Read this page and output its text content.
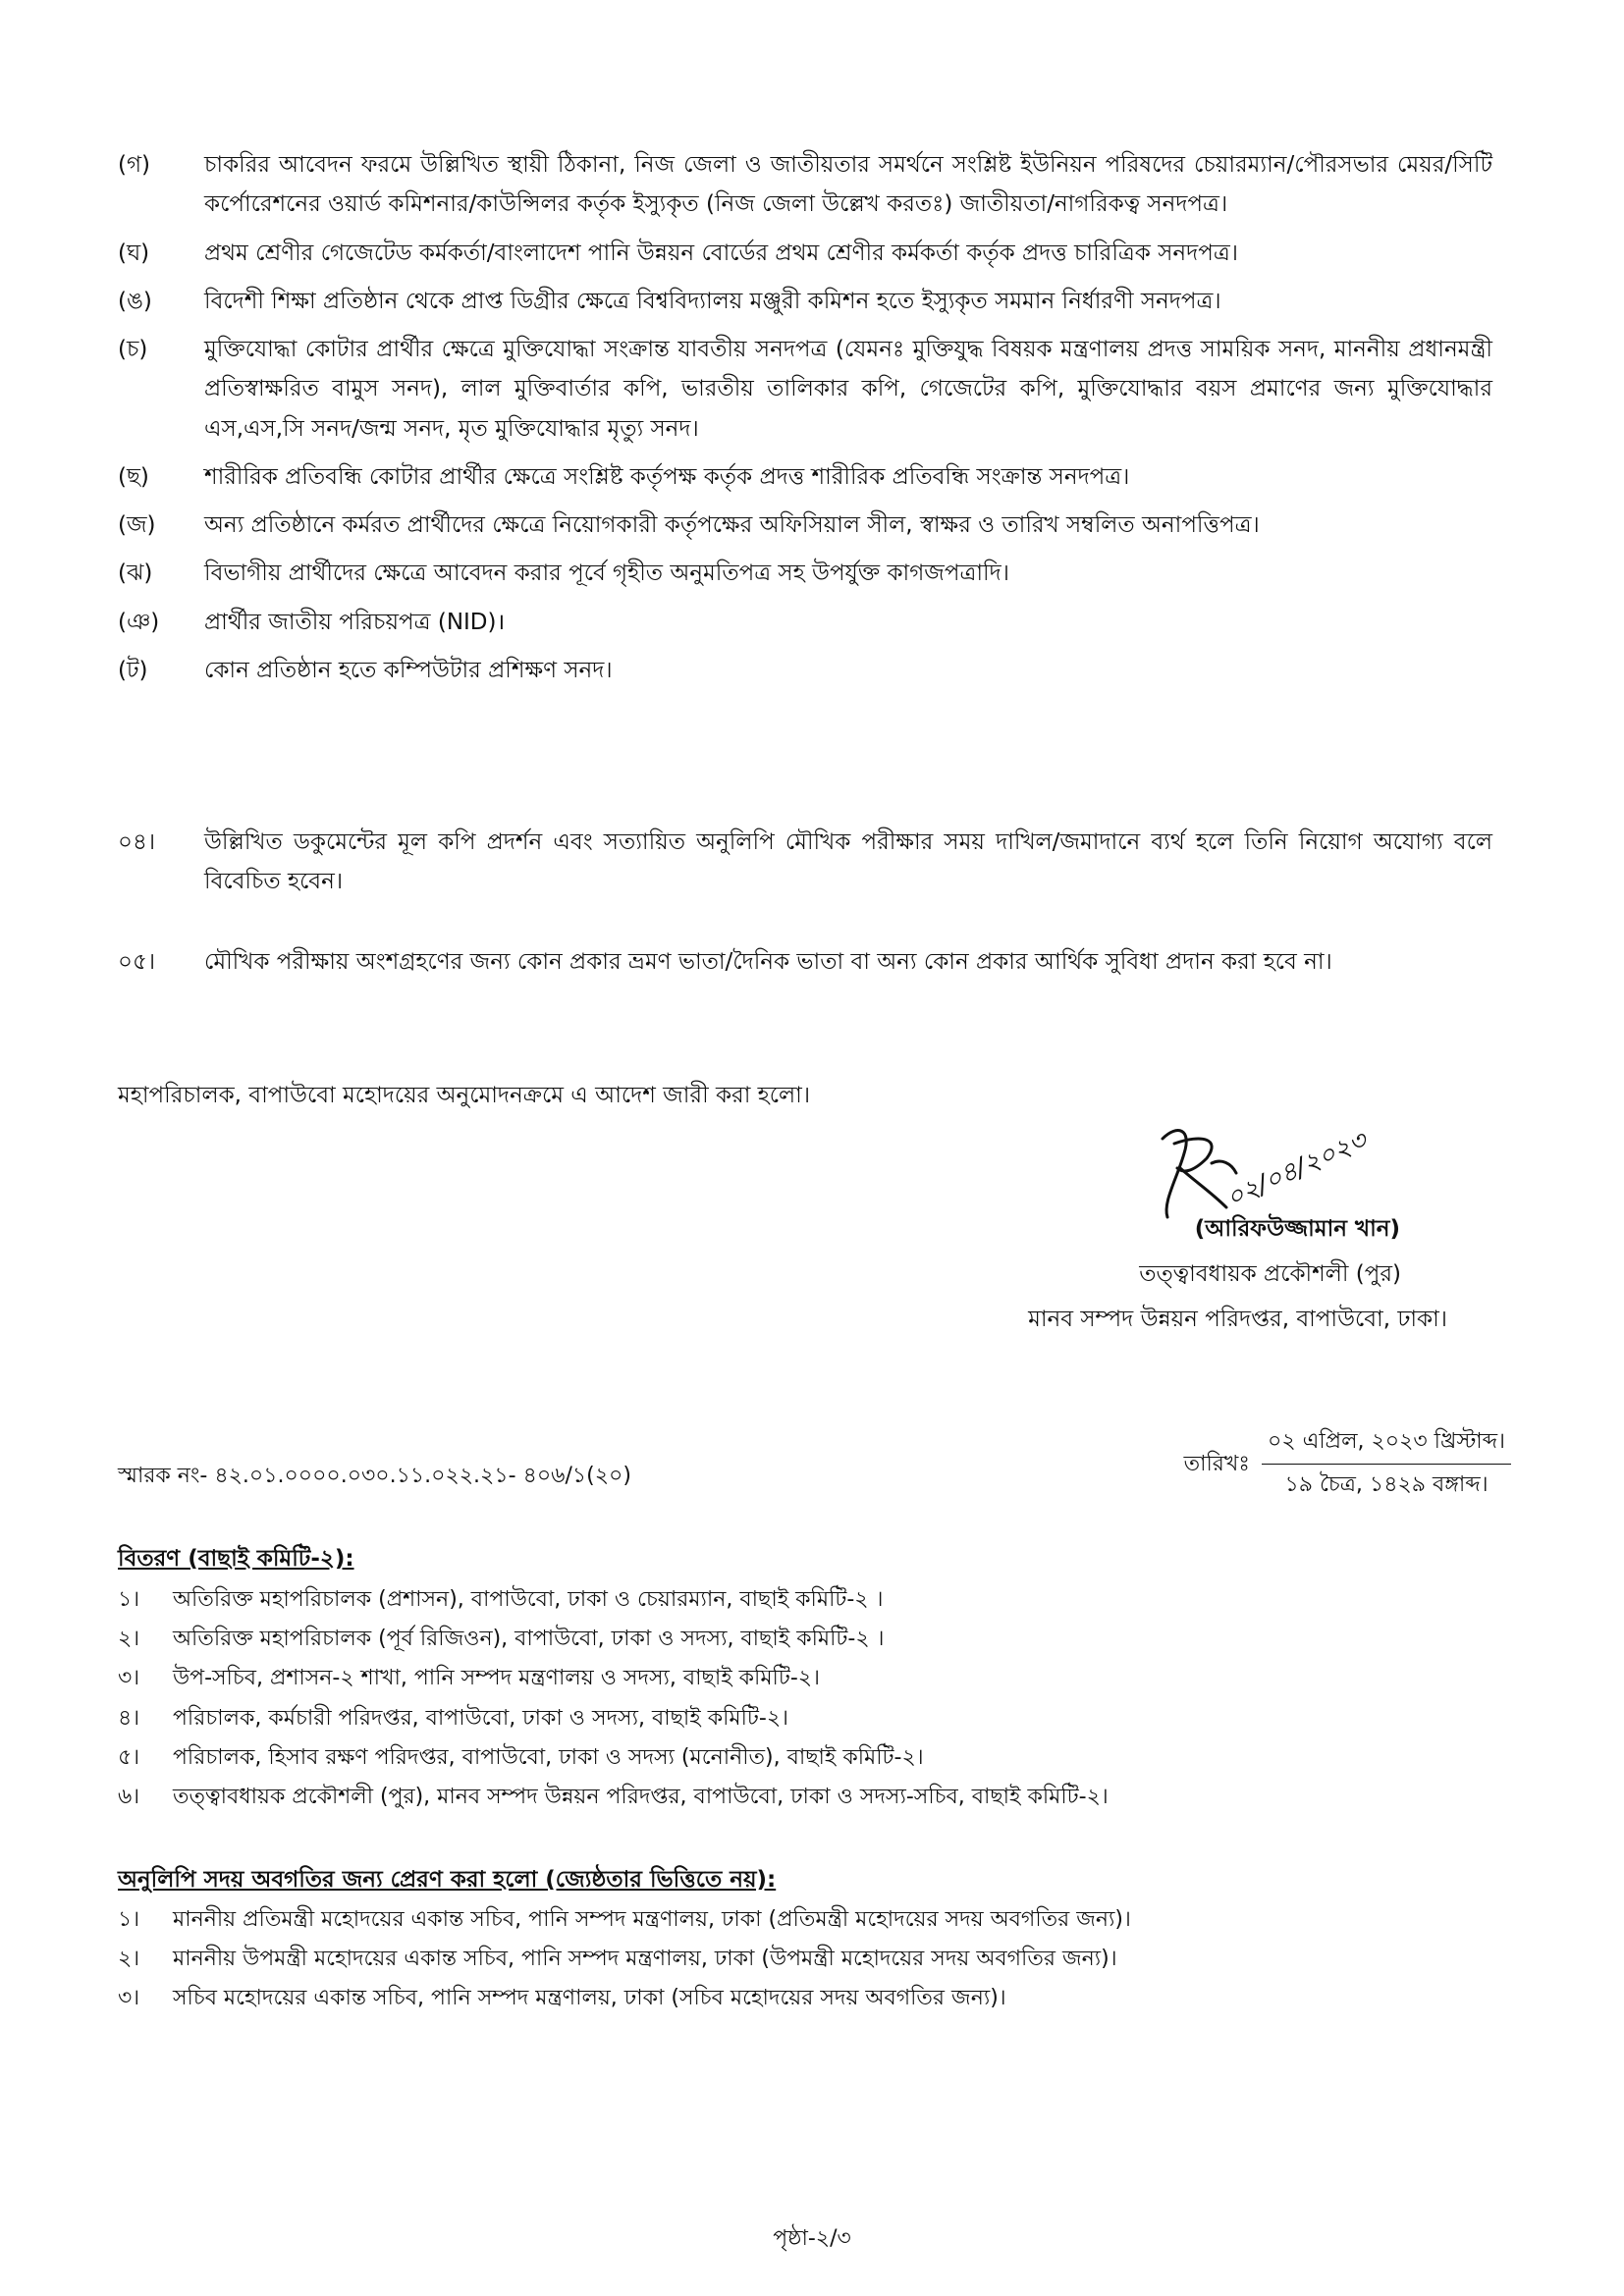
(গ)	চাকরির আবেদন ফরমে উল্লিখিত স্থায়ী ঠিকানা, নিজ জেলা ও জাতীয়তার সমর্থনে সংশ্লিষ্ট ইউনিয়ন পরিষদের চেয়ারম্যান/পৌরসভার মেয়র/সিটি কর্পোরেশনের ওয়ার্ড কমিশনার/কাউন্সিলর কর্তৃক ইস্যুকৃত (নিজ জেলা উল্লেখ করতঃ) জাতীয়তা/নাগরিকত্ব সনদপত্র।
(ঘ)	প্রথম শ্রেণীর গেজেটেড কর্মকর্তা/বাংলাদেশ পানি উন্নয়ন বোর্ডের প্রথম শ্রেণীর কর্মকর্তা কর্তৃক প্রদত্ত চারিত্রিক সনদপত্র।
(ঙ)	বিদেশী শিক্ষা প্রতিষ্ঠান থেকে প্রাপ্ত ডিগ্রীর ক্ষেত্রে বিশ্ববিদ্যালয় মঞ্জুরী কমিশন হতে ইস্যুকৃত সমমান নির্ধারণী সনদপত্র।
(চ)	মুক্তিযোদ্ধা কোটার প্রার্থীর ক্ষেত্রে মুক্তিযোদ্ধা সংক্রান্ত যাবতীয় সনদপত্র (যেমনঃ মুক্তিযুদ্ধ বিষয়ক মন্ত্রণালয় প্রদত্ত সাময়িক সনদ, মাননীয় প্রধানমন্ত্রী প্রতিস্বাক্ষরিত বামুস সনদ), লাল মুক্তিবার্তার কপি, ভারতীয় তালিকার কপি, গেজেটের কপি, মুক্তিযোদ্ধার বয়স প্রমাণের জন্য মুক্তিযোদ্ধার এস,এস,সি সনদ/জন্ম সনদ, মৃত মুক্তিযোদ্ধার মৃত্যু সনদ।
(ছ)	শারীরিক প্রতিবন্ধি কোটার প্রার্থীর ক্ষেত্রে সংশ্লিষ্ট কর্তৃপক্ষ কর্তৃক প্রদত্ত শারীরিক প্রতিবন্ধি সংক্রান্ত সনদপত্র।
(জ)	অন্য প্রতিষ্ঠানে কর্মরত প্রার্থীদের ক্ষেত্রে নিয়োগকারী কর্তৃপক্ষের অফিসিয়াল সীল, স্বাক্ষর ও তারিখ সম্বলিত অনাপত্তিপত্র।
(ঝ)	বিভাগীয় প্রার্থীদের ক্ষেত্রে আবেদন করার পূর্বে গৃহীত অনুমতিপত্র সহ উপর্যুক্ত কাগজপত্রাদি।
(ঞ)	প্রার্থীর জাতীয় পরিচয়পত্র (NID)।
(ট)	কোন প্রতিষ্ঠান হতে কম্পিউটার প্রশিক্ষণ সনদ।
০৪।	উল্লিখিত ডকুমেন্টের মূল কপি প্রদর্শন এবং সত্যায়িত অনুলিপি মৌখিক পরীক্ষার সময় দাখিল/জমাদানে ব্যর্থ হলে তিনি নিয়োগ অযোগ্য বলে বিবেচিত হবেন।
০৫।	মৌখিক পরীক্ষায় অংশগ্রহণের জন্য কোন প্রকার ভ্রমণ ভাতা/দৈনিক ভাতা বা অন্য কোন প্রকার আর্থিক সুবিধা প্রদান করা হবে না।
মহাপরিচালক, বাপাউবো মহোদয়ের অনুমোদনক্রমে এ আদেশ জারী করা হলো।
০২/০৪/২০২৩
(আরিফউজ্জামান খান)
তত্ত্বাবধায়ক প্রকৌশলী (পুর)
মানব সম্পদ উন্নয়ন পরিদপ্তর, বাপাউবো, ঢাকা।
স্মারক নং- ৪২.০১.০০০০.০৩০.১১.০২২.২১- ৪০৬/১(২০)	তারিখঃ
০২ এপ্রিল, ২০২৩ খ্রিস্টাব্দ।
১৯ চৈত্র, ১৪২৯ বঙ্গাব্দ।
বিতরণ (বাছাই কমিটি-২):
১।	অতিরিক্ত মহাপরিচালক (প্রশাসন), বাপাউবো, ঢাকা ও চেয়ারম্যান, বাছাই কমিটি-২ ।
২।	অতিরিক্ত মহাপরিচালক (পূর্ব রিজিওন), বাপাউবো, ঢাকা ও সদস্য, বাছাই কমিটি-২ ।
৩।	উপ-সচিব, প্রশাসন-২ শাখা, পানি সম্পদ মন্ত্রণালয় ও সদস্য, বাছাই কমিটি-২।
৪।	পরিচালক, কর্মচারী পরিদপ্তর, বাপাউবো, ঢাকা ও সদস্য, বাছাই কমিটি-২।
৫।	পরিচালক, হিসাব রক্ষণ পরিদপ্তর, বাপাউবো, ঢাকা ও সদস্য (মনোনীত), বাছাই কমিটি-২।
৬।	তত্ত্বাবধায়ক প্রকৌশলী (পুর), মানব সম্পদ উন্নয়ন পরিদপ্তর, বাপাউবো, ঢাকা ও সদস্য-সচিব, বাছাই কমিটি-২।
অনুলিপি সদয় অবগতির জন্য প্রেরণ করা হলো (জ্যেষ্ঠতার ভিত্তিতে নয়):
১।	মাননীয় প্রতিমন্ত্রী মহোদয়ের একান্ত সচিব, পানি সম্পদ মন্ত্রণালয়, ঢাকা (প্রতিমন্ত্রী মহোদয়ের সদয় অবগতির জন্য)।
২।	মাননীয় উপমন্ত্রী মহোদয়ের একান্ত সচিব, পানি সম্পদ মন্ত্রণালয়, ঢাকা (উপমন্ত্রী মহোদয়ের সদয় অবগতির জন্য)।
৩।	সচিব মহোদয়ের একান্ত সচিব, পানি সম্পদ মন্ত্রণালয়, ঢাকা (সচিব মহোদয়ের সদয় অবগতির জন্য)।
পৃষ্ঠা-২/৩
